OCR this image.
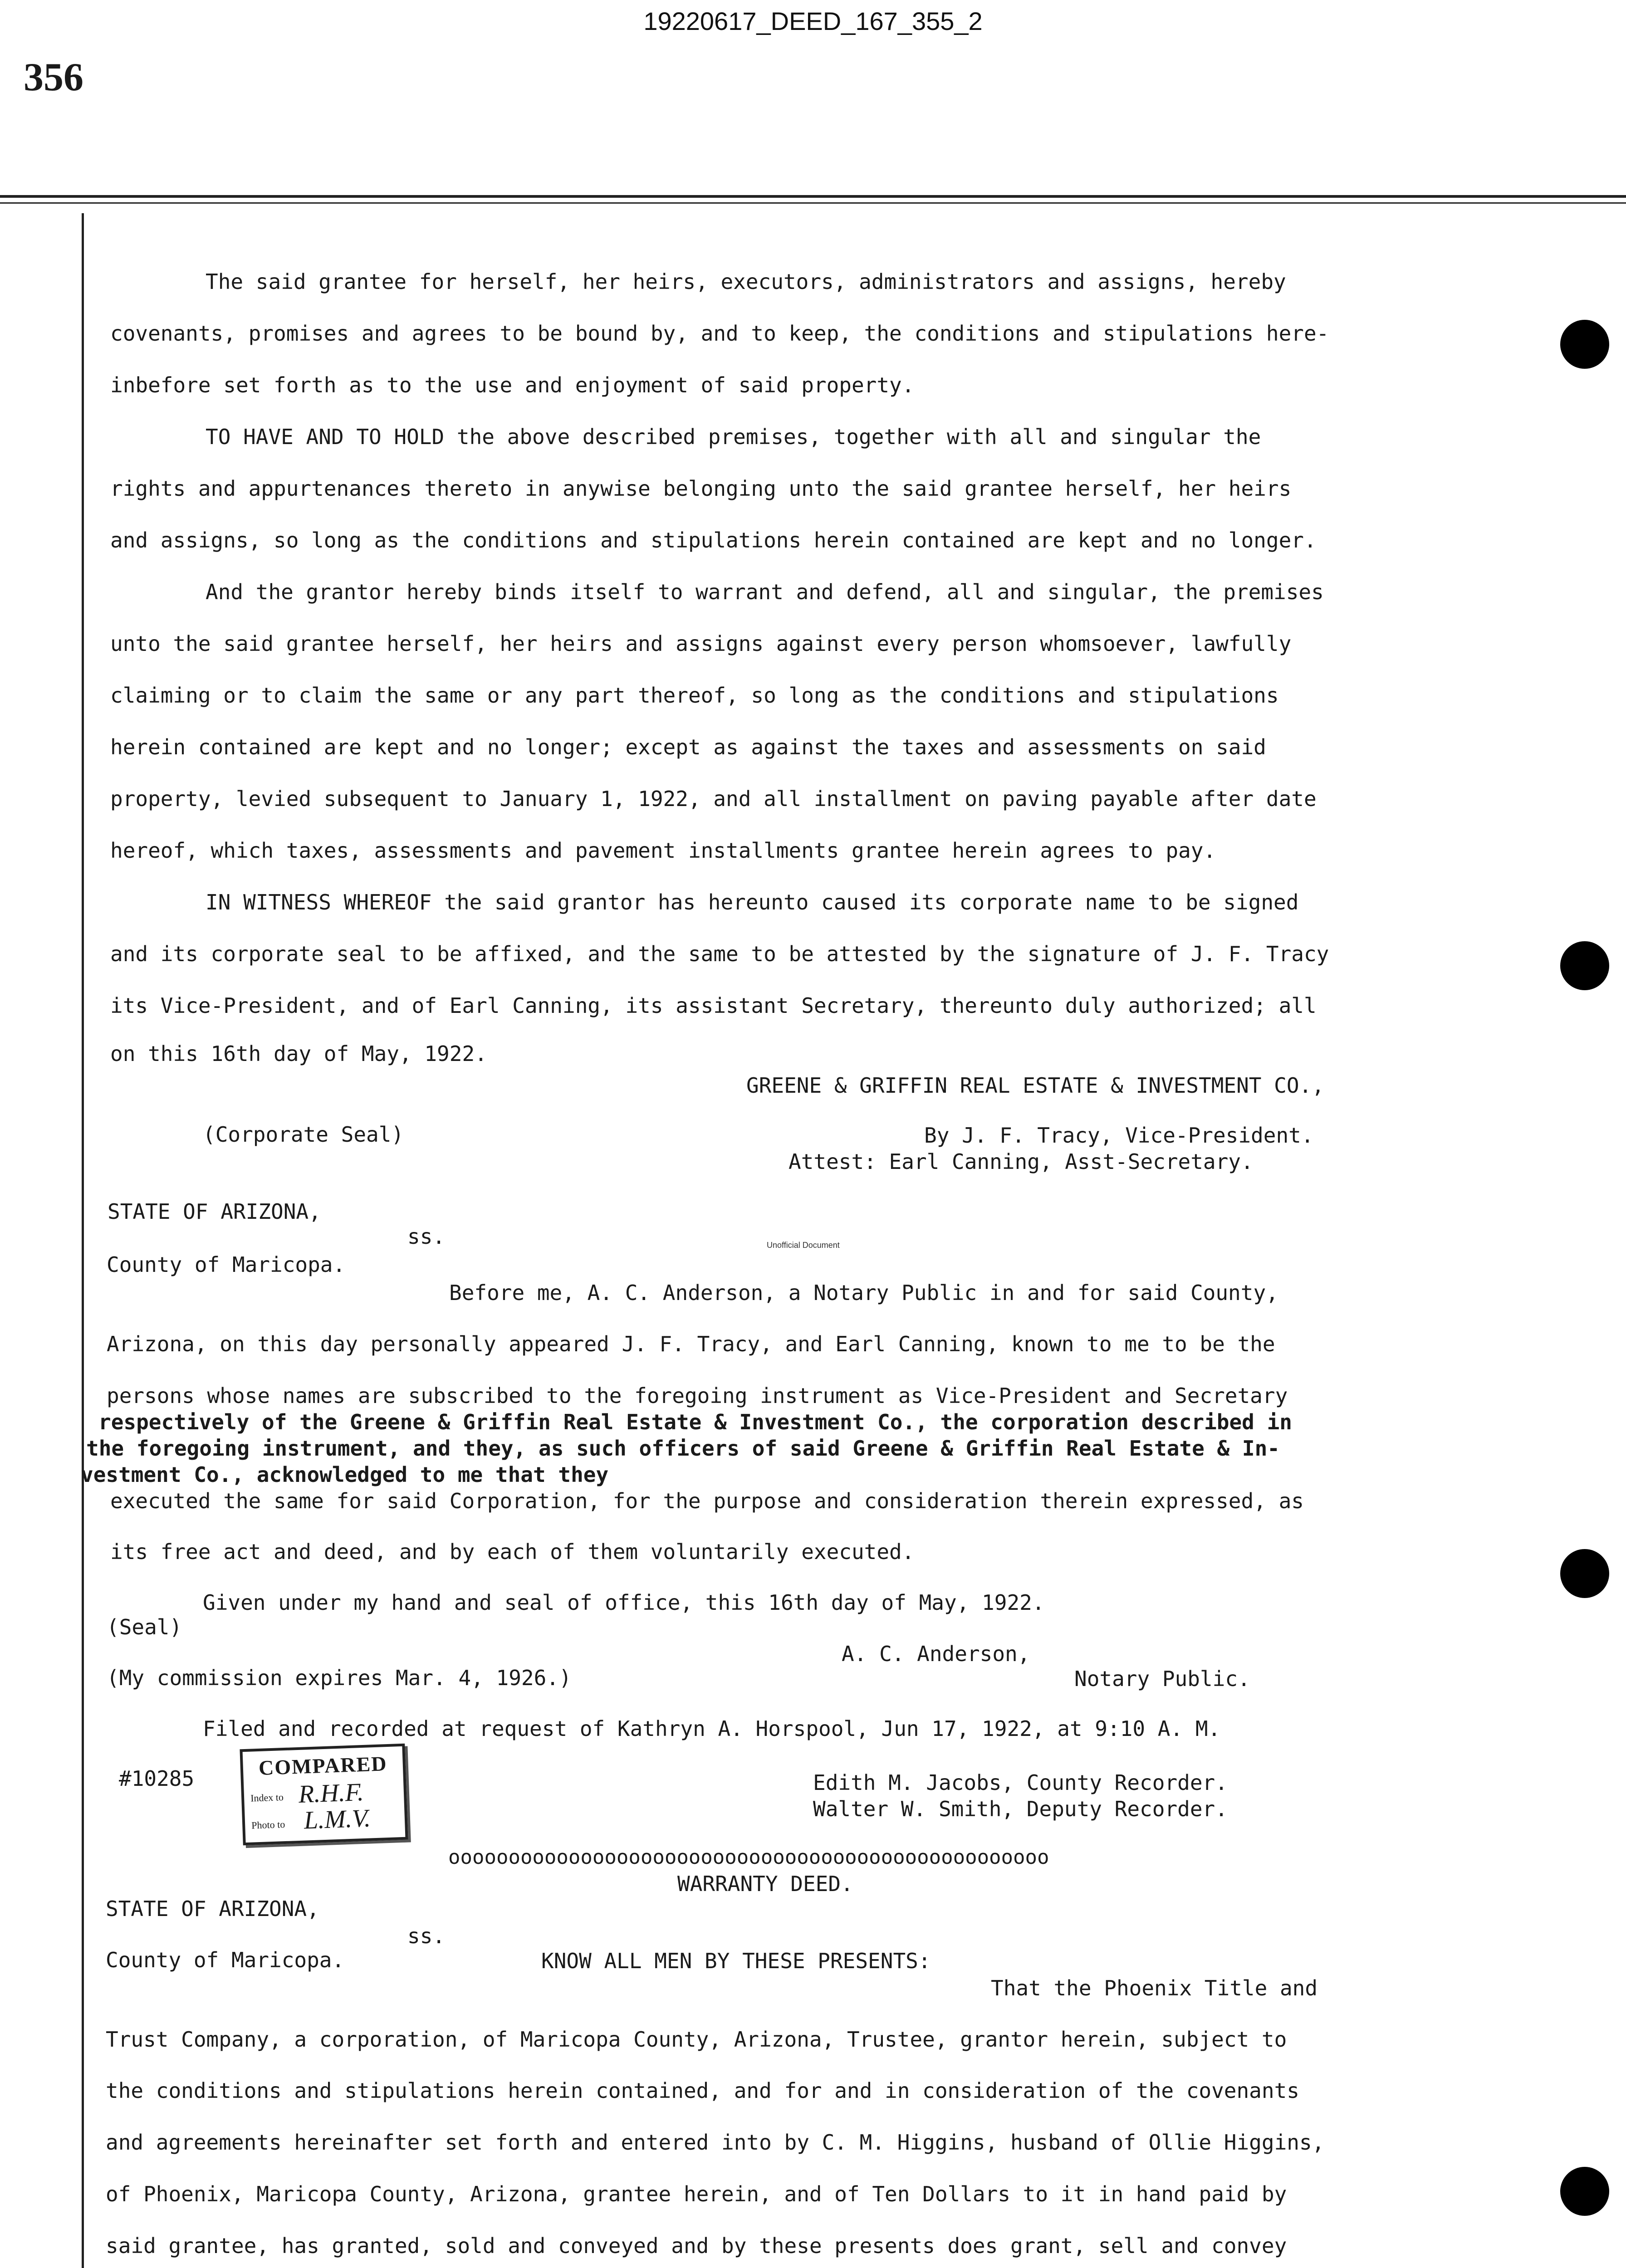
19220617_DEED_167_355_2
356
The said grantee for herself, her heirs, executors, administrators and assigns, hereby
covenants, promises and agrees to be bound by, and to keep, the conditions and stipulations here-
inbefore set forth as to the use and enjoyment of said property.
TO HAVE AND TO HOLD the above described premises, together with all and singular the
rights and appurtenances thereto in anywise belonging unto the said grantee herself, her heirs
and assigns, so long as the conditions and stipulations herein contained are kept and no longer.
And the grantor hereby binds itself to warrant and defend, all and singular, the premises
unto the said grantee herself, her heirs and assigns against every person whomsoever, lawfully
claiming or to claim the same or any part thereof, so long as the conditions and stipulations
herein contained are kept and no longer; except as against the taxes and assessments on said
property, levied subsequent to January 1, 1922, and all installment on paving payable after date
hereof, which taxes, assessments and pavement installments grantee herein agrees to pay.
IN WITNESS WHEREOF the said grantor has hereunto caused its corporate name to be signed
and its corporate seal to be affixed, and the same to be attested by the signature of J. F. Tracy
its Vice-President, and of Earl Canning, its assistant Secretary, thereunto duly authorized; all
on this 16th day of May, 1922.
GREENE & GRIFFIN REAL ESTATE & INVESTMENT CO.,
(Corporate Seal)	By J. F. Tracy, Vice-President.
Attest: Earl Canning, Asst-Secretary.
STATE OF ARIZONA,
ss.	Unofficial Document
County of Maricopa.
Before me, A. C. Anderson, a Notary Public in and for said County,
Arizona, on this day personally appeared J. F. Tracy, and Earl Canning, known to me to be the
persons whose names are subscribed to the foregoing instrument as Vice-President and Secretary
respectively of the Greene & Griffin Real Estate & Investment Co., the corporation described in
the foregoing instrument, and they, as such officers of said Greene & Griffin Real Estate & In-
vestment Co., acknowledged to me that they
executed the same for said Corporation, for the purpose and consideration therein expressed, as
its free act and deed, and by each of them voluntarily executed.
Given under my hand and seal of office, this 16th day of May, 1922.
(Seal)
A. C. Anderson,
(My commission expires Mar. 4, 1926.)	Notary Public.
Filed and recorded at request of Kathryn A. Horspool, Jun 17, 1922, at 9:10 A. M.
#10285	COMPARED
Index to R.H.F.
Photo to L.M.V.
Edith M. Jacobs, County Recorder.
Walter W. Smith, Deputy Recorder.
oooooooooooooooooooooooooooooooooooooooooooooooooo
WARRANTY DEED.
STATE OF ARIZONA,
ss.
County of Maricopa.	KNOW ALL MEN BY THESE PRESENTS:
That the Phoenix Title and
Trust Company, a corporation, of Maricopa County, Arizona, Trustee, grantor herein, subject to
the conditions and stipulations herein contained, and for and in consideration of the covenants
and agreements hereinafter set forth and entered into by C. M. Higgins, husband of Ollie Higgins,
of Phoenix, Maricopa County, Arizona, grantee herein, and of Ten Dollars to it in hand paid by
said grantee, has granted, sold and conveyed and by these presents does grant, sell and convey
